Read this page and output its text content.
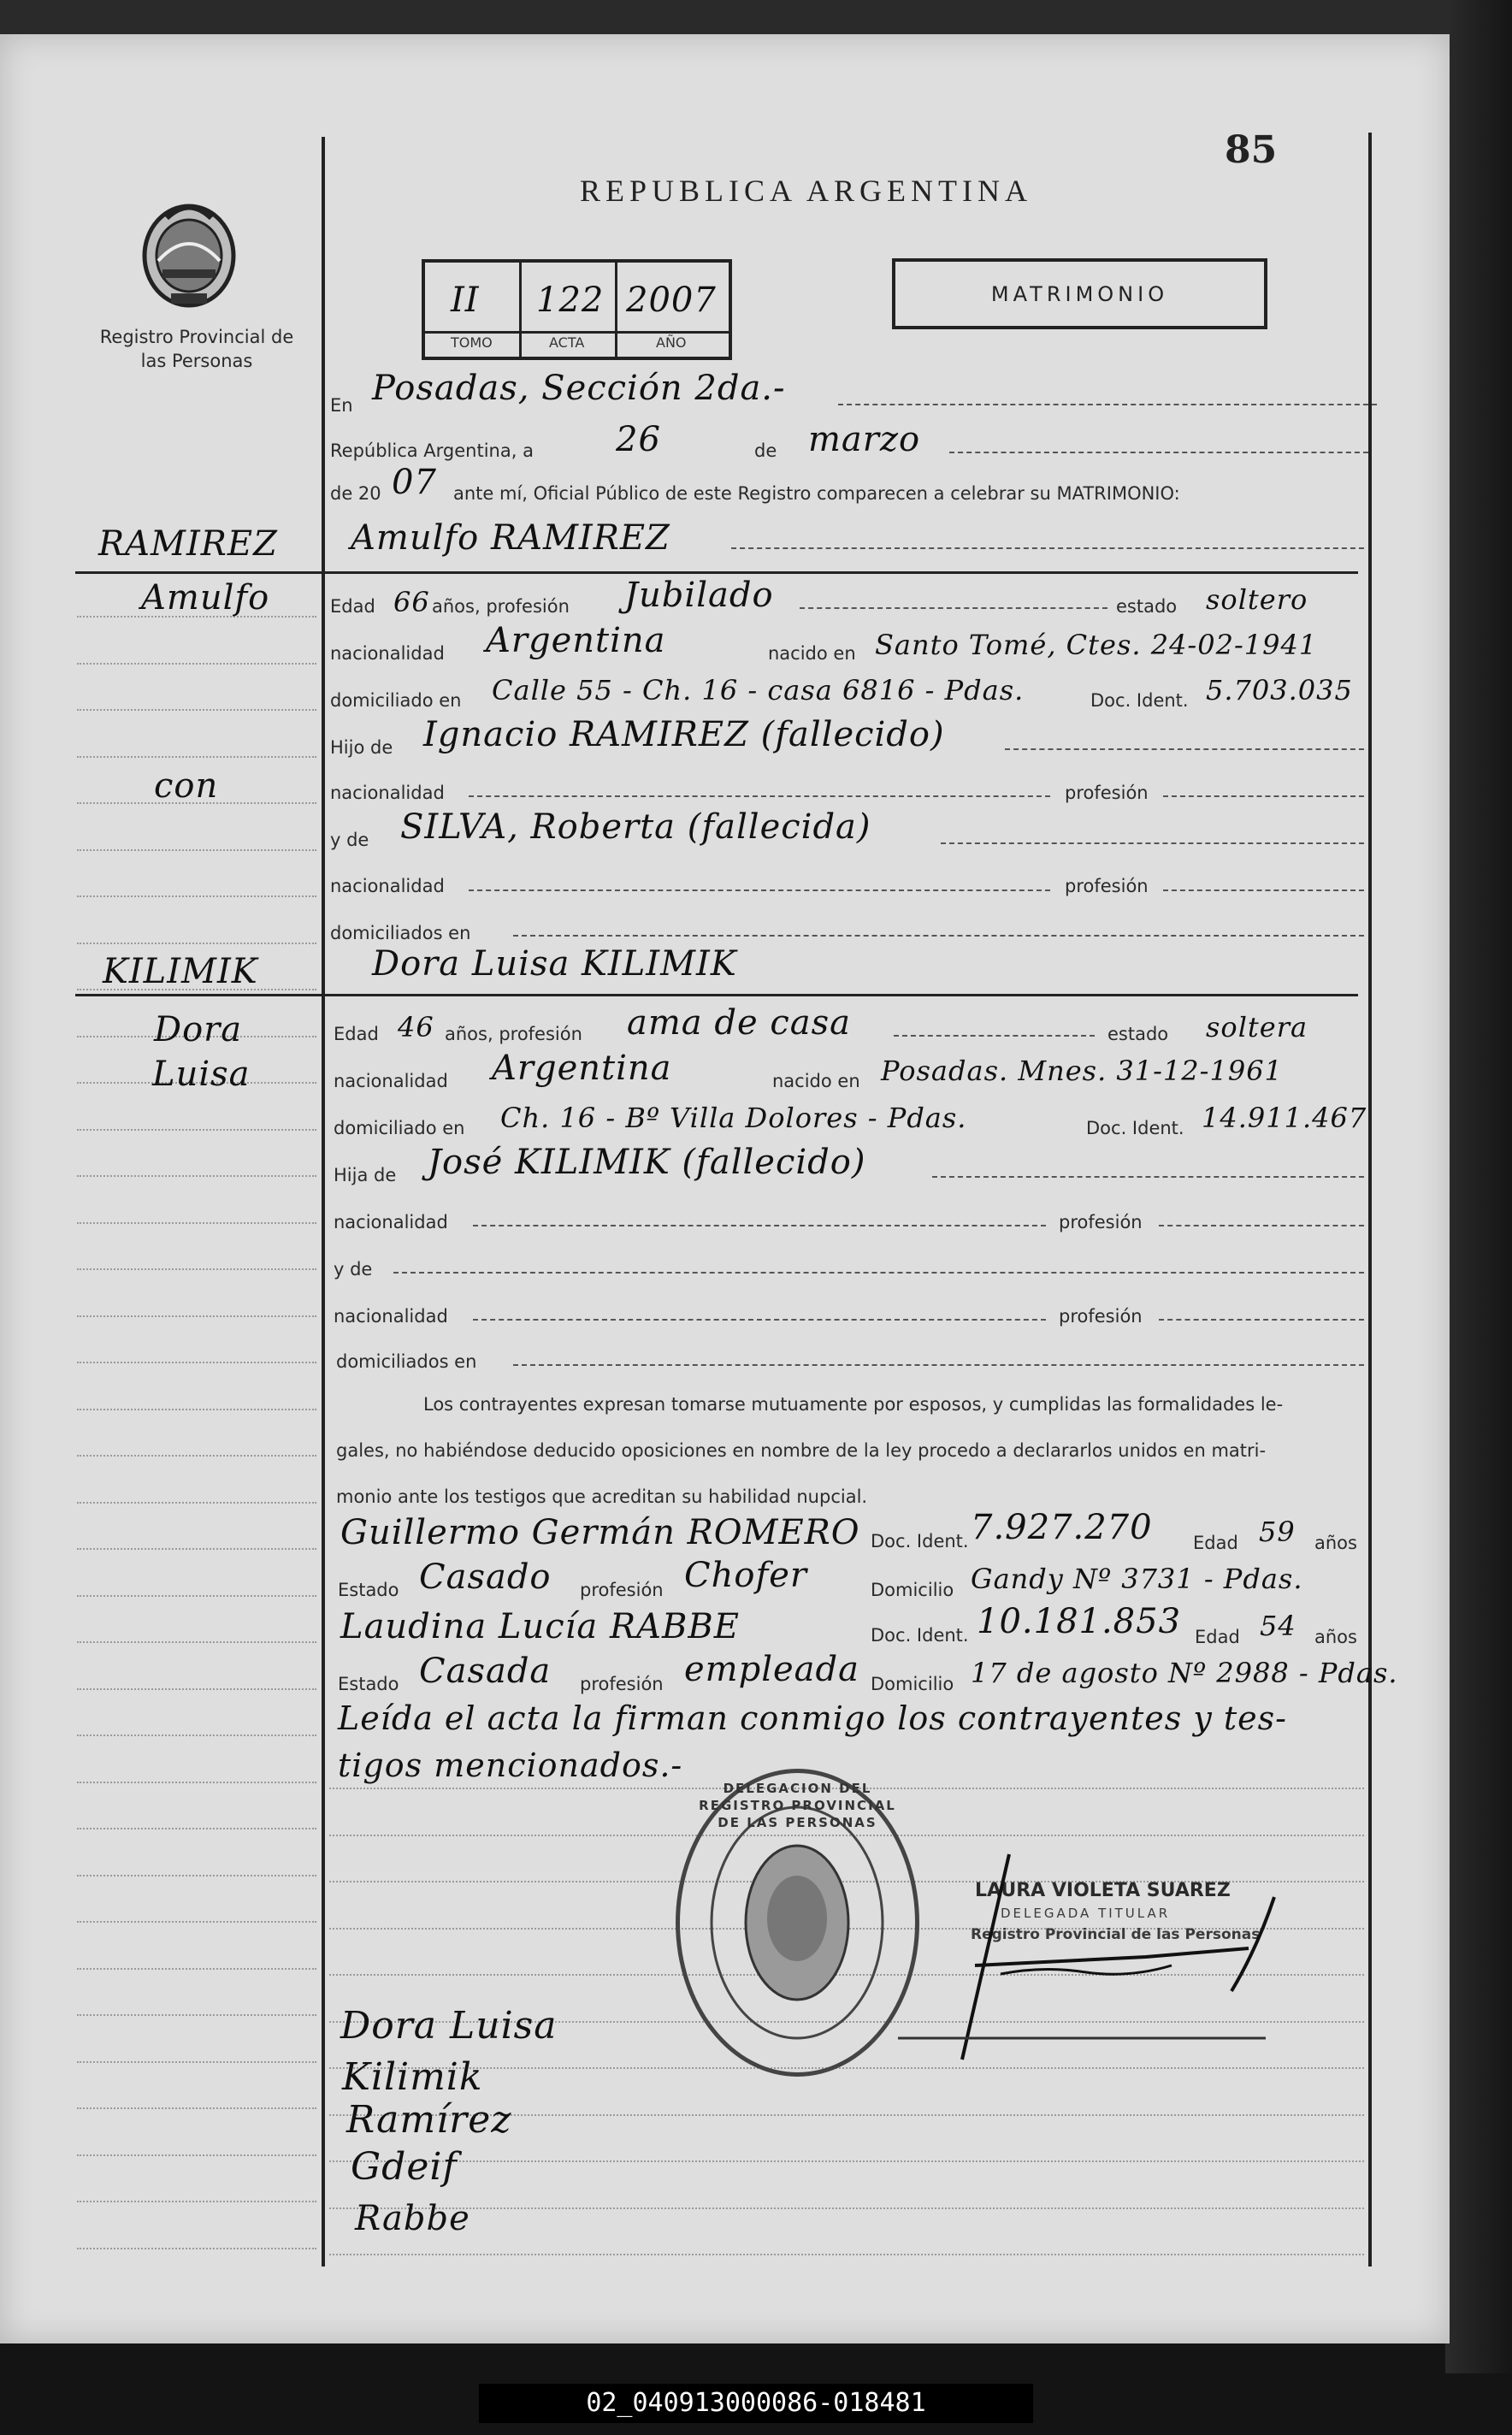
REPUBLICA ARGENTINA
85
Registro Provincial de las Personas
II 122 2007
TOMO	ACTA	AÑO
MATRIMONIO
En Posadas, Sección 2da.-
República Argentina, a 26	de marzo
de 20 07 ante mí, Oficial Público de este Registro comparecen a celebrar su MATRIMONIO:
Amulfo RAMIREZ
RAMIREZ
Amulfo
con
Edad 66 años, profesión Jubilado	estado soltero
nacionalidad Argentina	nacido en Santo Tomé, Ctes. 24-02-1941
domiciliado en Calle 55 - Ch. 16 - casa 6816 - Pdas.	Doc. Ident. 5.703.035
Hijo de Ignacio RAMIREZ (fallecido)
nacionalidad	profesión
y de SILVA, Roberta (fallecida)
nacionalidad	profesión
domiciliados en
Dora Luisa KILIMIK
KILIMIK
Dora
Luisa
Edad 46 años, profesión ama de casa	estado soltera
nacionalidad Argentina	nacido en Posadas. Mnes. 31-12-1961
domiciliado en Ch. 16 - Bº Villa Dolores - Pdas.	Doc. Ident. 14.911.467
Hija de José KILIMIK (fallecido)
nacionalidad	profesión
y de
nacionalidad	profesión
domiciliados en
Los contrayentes expresan tomarse mutuamente por esposos, y cumplidas las formalidades le-
gales, no habiéndose deducido oposiciones en nombre de la ley procedo a declararlos unidos en matri-
monio ante los testigos que acreditan su habilidad nupcial.
Guillermo Germán ROMERO Doc. Ident. 7.927.270 Edad 59 años
Estado Casado profesión Chofer	Domicilio Gandy Nº 3731 - Pdas.
Laudina Lucía RABBE	Doc. Ident. 10.181.853 Edad 54 años
Estado Casada profesión empleada Domicilio 17 de agosto Nº 2988 - Pdas.
Leída el acta la firman conmigo los contrayentes y tes-
tigos mencionados.-
DELEGACION DEL REGISTRO PROVINCIAL DE LAS PERSONAS
LAURA VIOLETA SUAREZ
DELEGADA TITULAR
Registro Provincial de las Personas
Dora Luisa
Kilimik
Ramírez
Gdeif
Rabbe
02_040913000086-018481
